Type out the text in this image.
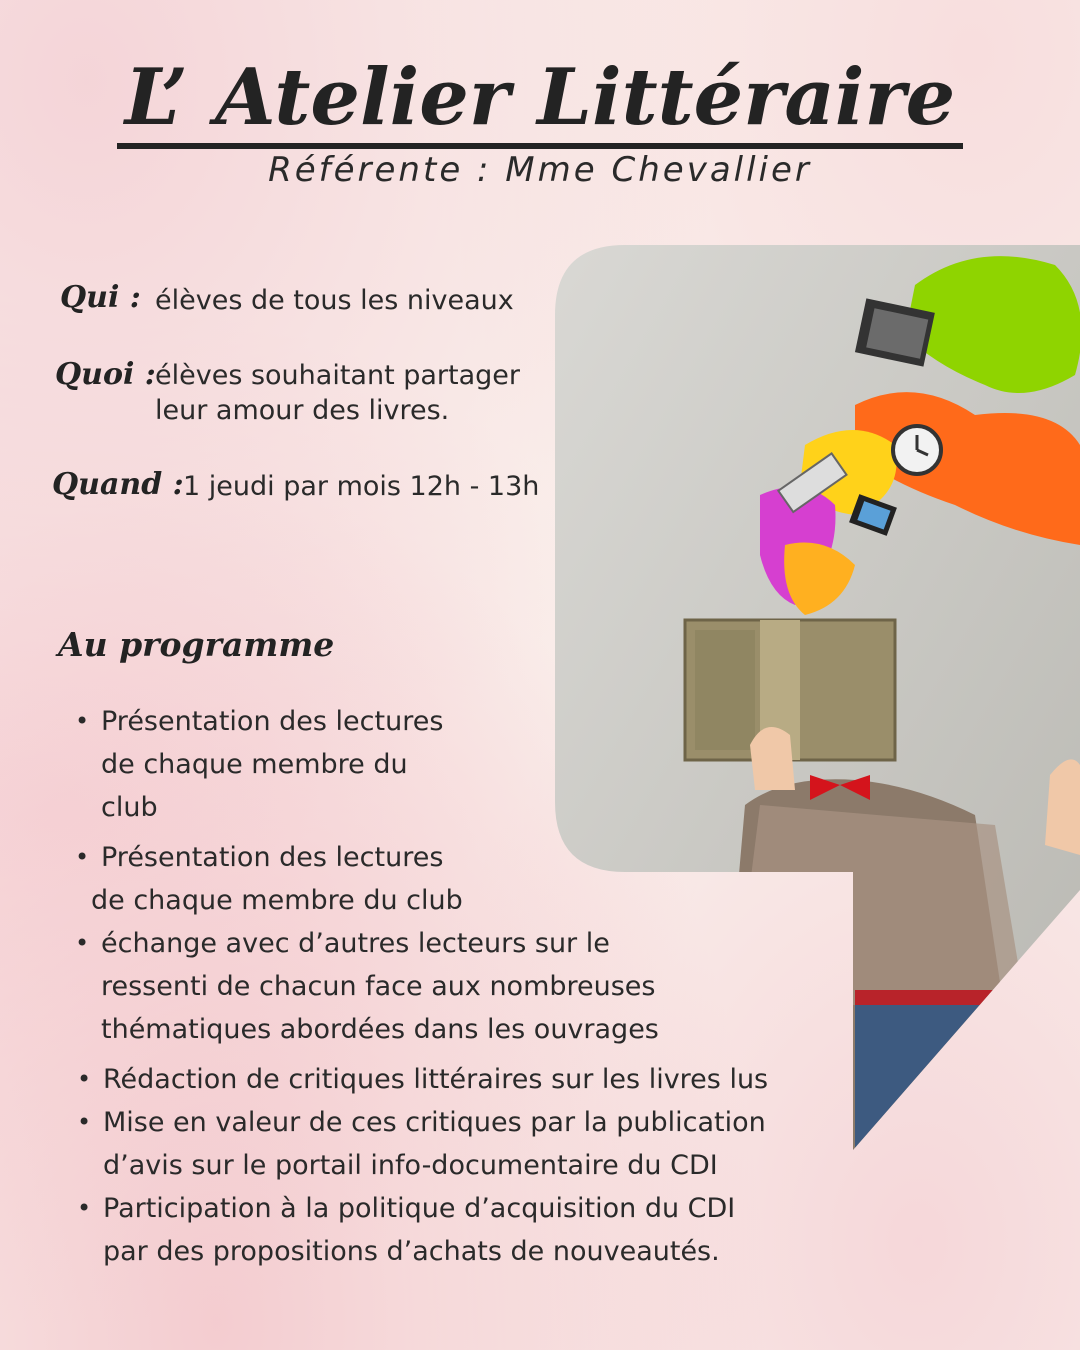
L’ Atelier Littéraire
Référente : Mme Chevallier
Qui : élèves de tous les niveaux
Quoi : élèves souhaitant partager
leur amour des livres.
Quand : 1 jeudi par mois 12h - 13h
Au programme
• Présentation des lectures
de chaque membre du
club
• Présentation des lectures
de chaque membre du club
• échange avec d’autres lecteurs sur le
ressenti de chacun face aux nombreuses
thématiques abordées dans les ouvrages
• Rédaction de critiques littéraires sur les livres lus
• Mise en valeur de ces critiques par la publication
d’avis sur le portail info-documentaire du CDI
• Participation à la politique d’acquisition du CDI
par des propositions d’achats de nouveautés.
